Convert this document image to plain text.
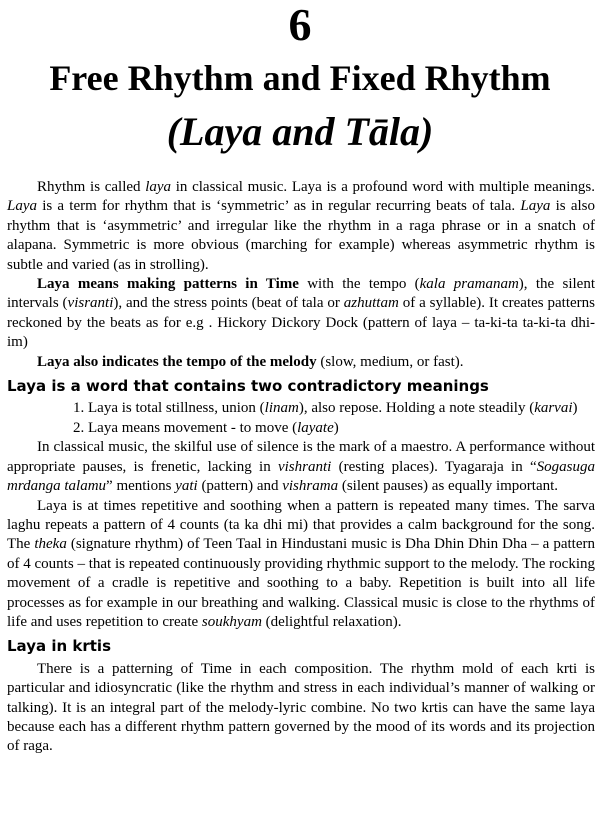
6
Free Rhythm and Fixed Rhythm
(Laya and Tāla)

Rhythm is called laya in classical music. Laya is a profound word with multiple meanings. Laya is a term for rhythm that is ‘symmetric’ as in regular recurring beats of tala. Laya is also rhythm that is ‘asymmetric’ and irregular like the rhythm in a raga phrase or in a snatch of alapana. Symmetric is more obvious (marching for example) whereas asymmetric rhythm is subtle and varied (as in strolling).

Laya means making patterns in Time with the tempo (kala pramanam), the silent intervals (visranti), and the stress points (beat of tala or azhuttam of a syllable). It creates patterns reckoned by the beats as for e.g . Hickory Dickory Dock (pattern of laya – ta-ki-ta ta-ki-ta dhi-im)

Laya also indicates the tempo of the melody (slow, medium, or fast).

Laya is a word that contains two contradictory meanings

1. Laya is total stillness, union (linam), also repose. Holding a note steadily (karvai)

2. Laya means movement - to move (layate)

In classical music, the skilful use of silence is the mark of a maestro. A performance without appropriate pauses, is frenetic, lacking in vishranti (resting places). Tyagaraja in “Sogasuga mrdanga talamu” mentions yati (pattern) and vishrama (silent pauses) as equally important.

Laya is at times repetitive and soothing when a pattern is repeated many times. The sarva laghu repeats a pattern of 4 counts (ta ka dhi mi) that provides a calm background for the song. The theka (signature rhythm) of Teen Taal in Hindustani music is Dha Dhin Dhin Dha – a pattern of 4 counts – that is repeated continuously providing rhythmic support to the melody. The rocking movement of a cradle is repetitive and soothing to a baby. Repetition is built into all life processes as for example in our breathing and walking. Classical music is close to the rhythms of life and uses repetition to create soukhyam (delightful relaxation).

Laya in krtis

There is a patterning of Time in each composition. The rhythm mold of each krti is particular and idiosyncratic (like the rhythm and stress in each individual’s manner of walking or talking). It is an integral part of the melody-lyric combine. No two krtis can have the same laya because each has a different rhythm pattern governed by the mood of its words and its projection of raga.
